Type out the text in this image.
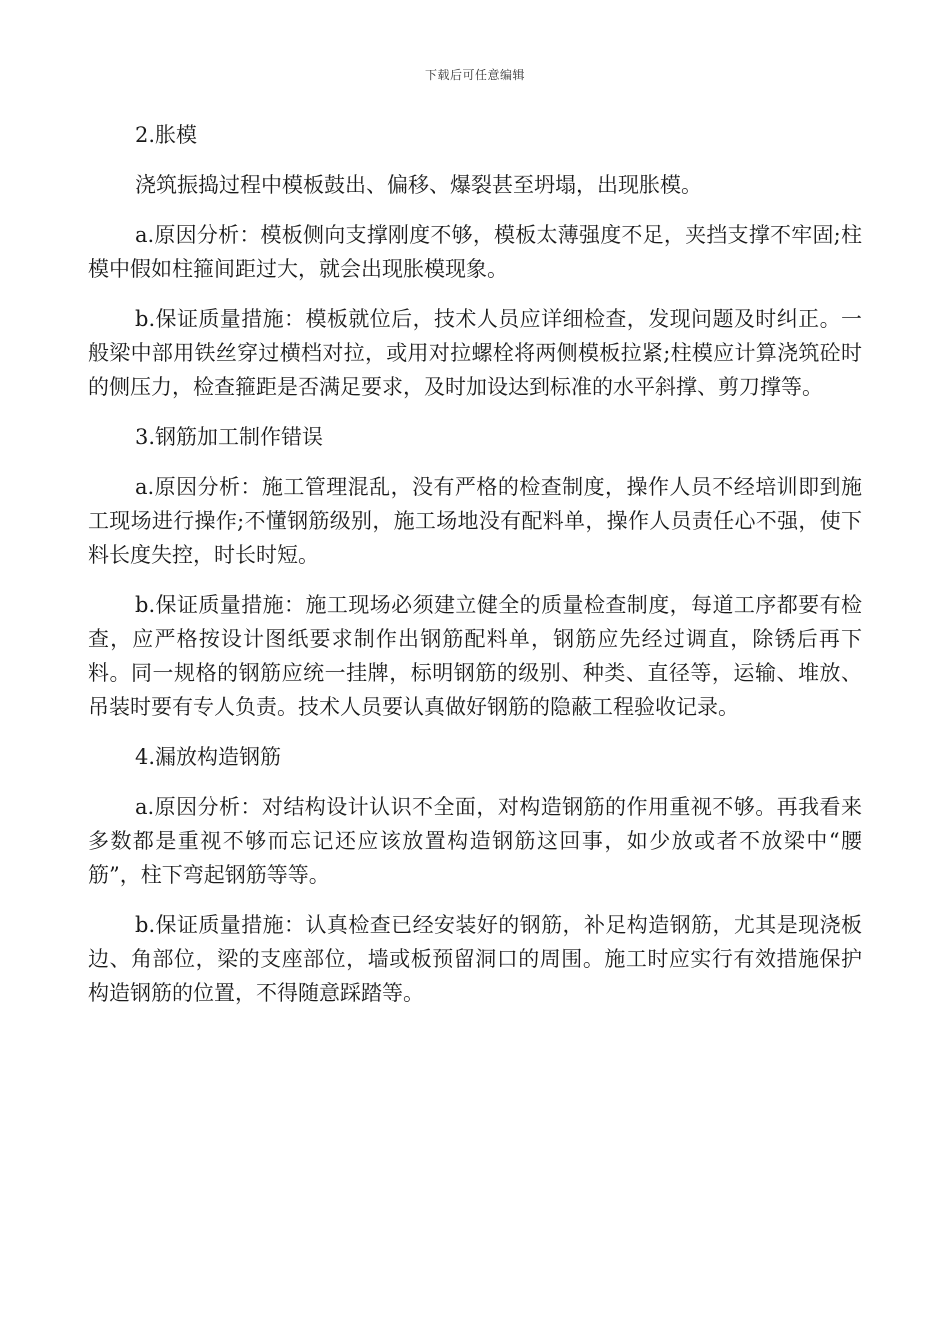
下载后可任意编辑

2.胀模

浇筑振捣过程中模板鼓出、偏移、爆裂甚至坍塌，出现胀模。

a.原因分析：模板侧向支撑刚度不够，模板太薄强度不足，夹挡支撑不牢固;柱模中假如柱箍间距过大，就会出现胀模现象。

b.保证质量措施：模板就位后，技术人员应详细检查，发现问题及时纠正。一般梁中部用铁丝穿过横档对拉，或用对拉螺栓将两侧模板拉紧;柱模应计算浇筑砼时的侧压力，检查箍距是否满足要求，及时加设达到标准的水平斜撑、剪刀撑等。

3.钢筋加工制作错误

a.原因分析：施工管理混乱，没有严格的检查制度，操作人员不经培训即到施工现场进行操作;不懂钢筋级别，施工场地没有配料单，操作人员责任心不强，使下料长度失控，时长时短。

b.保证质量措施：施工现场必须建立健全的质量检查制度，每道工序都要有检查，应严格按设计图纸要求制作出钢筋配料单，钢筋应先经过调直，除锈后再下料。同一规格的钢筋应统一挂牌，标明钢筋的级别、种类、直径等，运输、堆放、吊装时要有专人负责。技术人员要认真做好钢筋的隐蔽工程验收记录。

4.漏放构造钢筋

a.原因分析：对结构设计认识不全面，对构造钢筋的作用重视不够。再我看来多数都是重视不够而忘记还应该放置构造钢筋这回事，如少放或者不放梁中“腰筋”，柱下弯起钢筋等等。

b.保证质量措施：认真检查已经安装好的钢筋，补足构造钢筋，尤其是现浇板边、角部位，梁的支座部位，墙或板预留洞口的周围。施工时应实行有效措施保护构造钢筋的位置，不得随意踩踏等。
